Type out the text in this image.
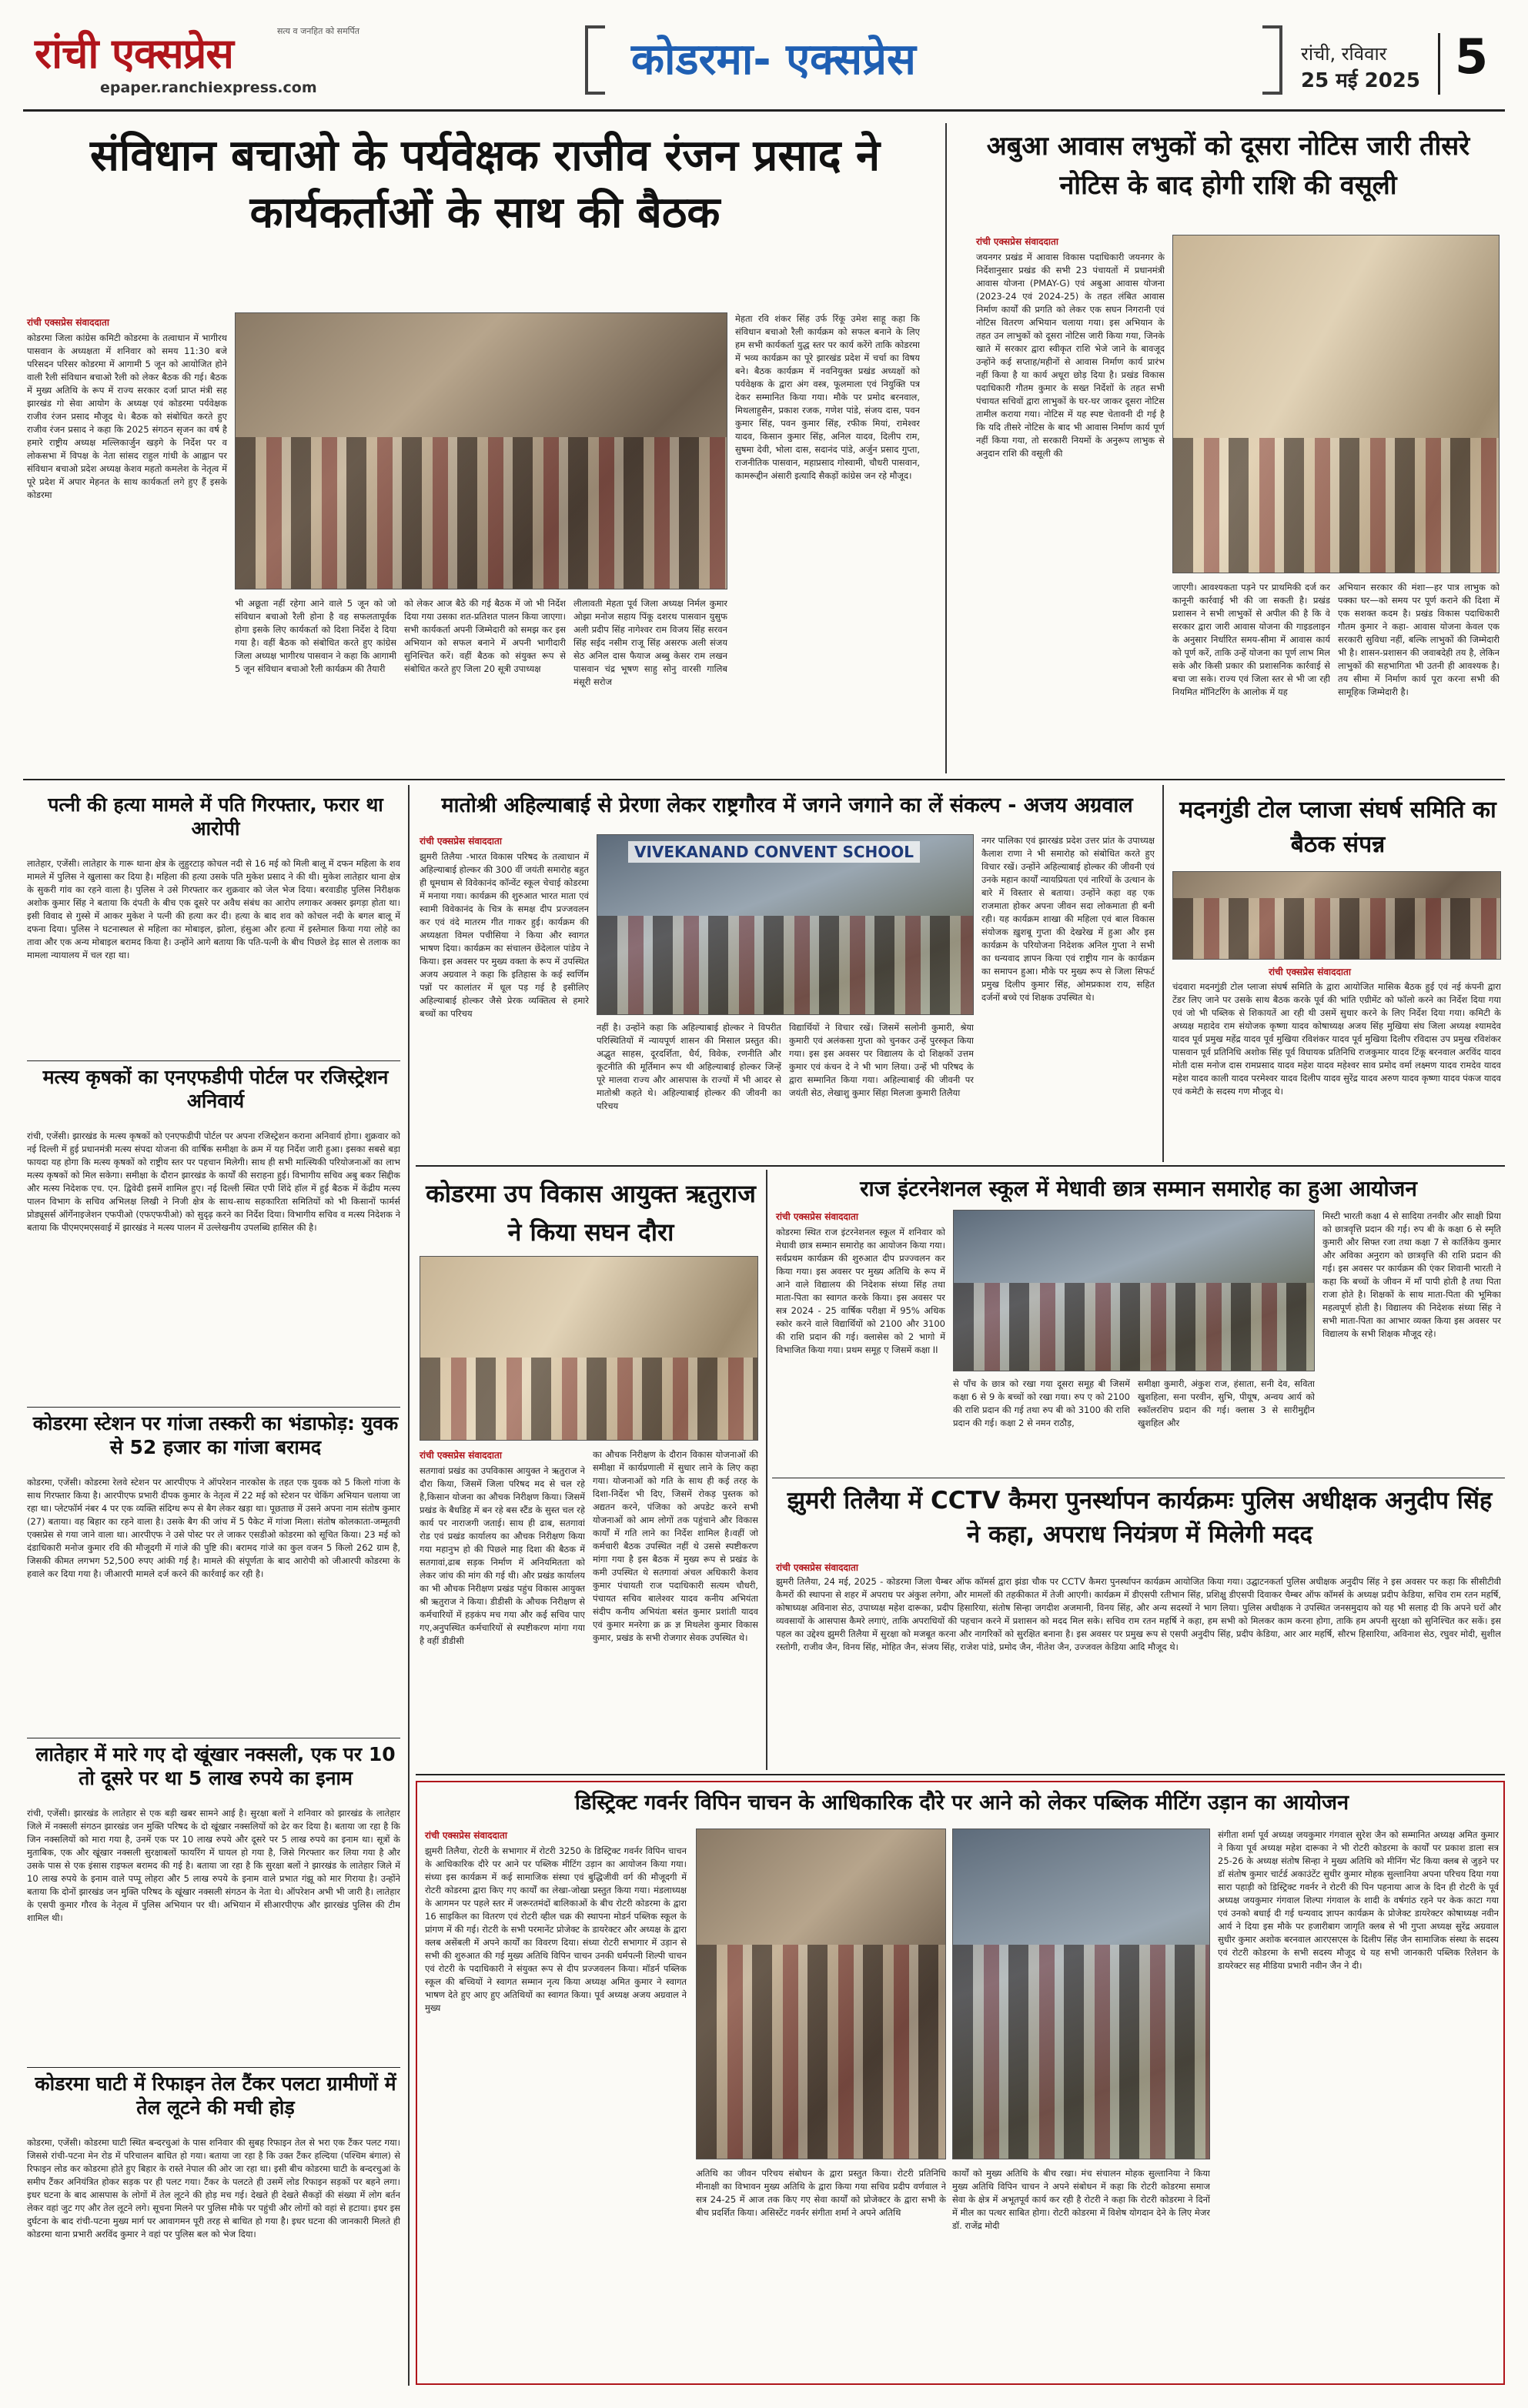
रांची एक्सप्रेस	सत्य व जनहित को समर्पित
epaper.ranchiexpress.com
कोडरमा- एक्सप्रेस	रांची, रविवार
25 मई 2025 5
संविधान बचाओ के पर्यवेक्षक राजीव रंजन प्रसाद ने कार्यकर्ताओं के साथ की बैठक
रांची एक्सप्रेस संवाददाता
कोडरमा जिला कांग्रेस कमिटी कोडरमा के तत्वाधान में भागीरथ पासवान के अध्यक्षता में शनिवार को समय 11:30 बजे परिसदन परिसर कोडरमा में आगामी 5 जून को आयोजित होने वाली रैली संविधान बचाओ रैली को लेकर बैठक की गई। बैठक में मुख्य अतिथि के रूप में राज्य सरकार दर्जा प्राप्त मंत्री सह झारखंड गो सेवा आयोग के अध्यक्ष एवं कोडरमा पर्यवेक्षक राजीव रंजन प्रसाद मौजूद थे। बैठक को संबोधित करते हुए राजीव रंजन प्रसाद ने कहा कि 2025 संगठन सृजन का वर्ष है हमारे राष्ट्रीय अध्यक्ष मल्लिकार्जुन खड़गे के निर्देश पर व लोकसभा में विपक्ष के नेता सांसद राहुल गांधी के आह्वान पर संविधान बचाओ प्रदेश अध्यक्ष केशव महतो कमलेश के नेतृत्व में पूरे प्रदेश में अपार मेहनत के साथ कार्यकर्ता लगे हुए हैं इसके कोडरमा
भी अछूता नहीं रहेगा आने वाले 5 जून को जो संविधान बचाओ रैली होना है वह सफलतापूर्वक होगा इसके लिए कार्यकर्ता को दिशा निर्देश दे दिया गया है। वहीं बैठक को संबोधित करते हुए कांग्रेस जिला अध्यक्ष भागीरथ पासवान ने कहा कि आगामी 5 जून संविधान बचाओ रैली कार्यक्रम की तैयारी
को लेकर आज बैठे की गई बैठक में जो भी निर्देश दिया गया उसका शत-प्रतिशत पालन किया जाएगा। सभी कार्यकर्ता अपनी जिम्मेदारी को समझ कर इस अभियान को सफल बनाने में अपनी भागीदारी सुनिश्चित करें। वहीं बैठक को संयुक्त रूप से संबोधित करते हुए जिला 20 सूत्री उपाध्यक्ष
लीलावती मेहता पूर्व जिला अध्यक्ष निर्मल कुमार ओझा मनोज सहाय पिंकू दशरथ पासवान युसुफ अली प्रदीप सिंह नागेश्वर राम विजय सिंह सरवन सिंह सईद नसीम राजू सिंह असरफ अली संजय सेठ अनिल दास फैयाज अब्बु केसर राम लखन पासवान चंद्र भूषण साहु सोनु वारसी गालिब मंसूरी सरोज
मेहता रवि शंकर सिंह उर्फ रिंकू उमेश साहू कहा कि संविधान बचाओ रैली कार्यक्रम को सफल बनाने के लिए हम सभी कार्यकर्ता युद्ध स्तर पर कार्य करेंगे ताकि कोडरमा में भव्य कार्यक्रम का पूरे झारखंड प्रदेश में चर्चा का विषय बने। बैठक कार्यक्रम में नवनियुक्त प्रखंड अध्यक्षों को पर्यवेक्षक के द्वारा अंग वस्त्र, फूलमाला एवं नियुक्ति पत्र देकर सम्मानित किया गया। मौके पर प्रमोद बरनवाल, मिथलाहुसैन, प्रकाश रजक, गणेश पांडे, संजय दास, पवन कुमार सिंह, पवन कुमार सिंह, रफीक मियां, रामेश्वर यादव, किसान कुमार सिंह, अनिल यादव, दिलीप राम, सुषमा देवी, भोला दास, सदानंद पांडे, अर्जुन प्रसाद गुप्ता, राजनीतिक पासवान, महाप्रसाद गोस्वामी, चौधरी पासवान, कामरूद्दीन अंसारी इत्यादि सैकड़ों कांग्रेस जन रहे मौजूद।
अबुआ आवास लभुकों को दूसरा नोटिस जारी तीसरे नोटिस के बाद होगी राशि की वसूली
रांची एक्सप्रेस संवाददाता
जयनगर प्रखंड में आवास विकास पदाधिकारी जयनगर के निर्देशानुसार प्रखंड की सभी 23 पंचायतों में प्रधानमंत्री आवास योजना (PMAY-G) एवं अबुआ आवास योजना (2023-24 एवं 2024-25) के तहत लंबित आवास निर्माण कार्यों की प्रगति को लेकर एक सघन निगरानी एवं नोटिस वितरण अभियान चलाया गया। इस अभियान के तहत उन लाभुकों को दूसरा नोटिस जारी किया गया, जिनके खाते में सरकार द्वारा स्वीकृत राशि भेजे जाने के बावजूद उन्होंने कई सप्ताह/महीनों से आवास निर्माण कार्य प्रारंभ नहीं किया है या कार्य अधूरा छोड़ दिया है। प्रखंड विकास पदाधिकारी गौतम कुमार के सख्त निर्देशों के तहत सभी पंचायत सचिवों द्वारा लाभुकों के घर-घर जाकर दूसरा नोटिस तामील कराया गया। नोटिस में यह स्पष्ट चेतावनी दी गई है कि यदि तीसरे नोटिस के बाद भी आवास निर्माण कार्य पूर्ण नहीं किया गया, तो सरकारी नियमों के अनुरूप लाभुक से अनुदान राशि की वसूली की
जाएगी। आवश्यकता पड़ने पर प्राथमिकी दर्ज कर कानूनी कार्रवाई भी की जा सकती है। प्रखंड प्रशासन ने सभी लाभुकों से अपील की है कि वे सरकार द्वारा जारी आवास योजना की गाइडलाइन के अनुसार निर्धारित समय-सीमा में आवास कार्य को पूर्ण करें, ताकि उन्हें योजना का पूर्ण लाभ मिल सके और किसी प्रकार की प्रशासनिक कार्रवाई से बचा जा सके। राज्य एवं जिला स्तर से भी जा रही नियमित मॉनिटरिंग के आलोक में यह
अभियान सरकार की मंशा—हर पात्र लाभुक को पक्का घर—को समय पर पूर्ण कराने की दिशा में एक सशक्त कदम है। प्रखंड विकास पदाधिकारी गौतम कुमार ने कहा- आवास योजना केवल एक सरकारी सुविधा नहीं, बल्कि लाभुकों की जिम्मेदारी भी है। शासन-प्रशासन की जवाबदेही तय है, लेकिन लाभुकों की सहभागिता भी उतनी ही आवश्यक है। तय सीमा में निर्माण कार्य पूरा करना सभी की सामूहिक जिम्मेदारी है।
पत्नी की हत्या मामले में पति गिरफ्तार, फरार था आरोपी
लातेहार, एजेंसी। लातेहार के गारू थाना क्षेत्र के लुहुरटाड़ कोचल नदी से 16 मई को मिली बालू में दफन महिला के शव मामले में पुलिस ने खुलासा कर दिया है। महिला की हत्या उसके पति मुकेश प्रसाद ने की थी। मुकेश लातेहार थाना क्षेत्र के सुकरी गांव का रहने वाला है। पुलिस ने उसे गिरफ्तार कर शुक्रवार को जेल भेज दिया। बरवाडीह पुलिस निरीक्षक अशोक कुमार सिंह ने बताया कि दंपती के बीच एक दूसरे पर अवैध संबंध का आरोप लगाकर अक्सर झगड़ा होता था। इसी विवाद से गुस्से में आकर मुकेश ने पत्नी की हत्या कर दी। हत्या के बाद शव को कोचल नदी के बगल बालू में दफना दिया। पुलिस ने घटनास्थल से महिला का मोबाइल, झोला, हंसुआ और हत्या में इस्तेमाल किया गया लोहे का तावा और एक अन्य मोबाइल बरामद किया है। उन्होंने आगे बताया कि पति-पत्नी के बीच पिछले डेढ़ साल से तलाक का मामला न्यायालय में चल रहा था।
मत्स्य कृषकों का एनएफडीपी पोर्टल पर रजिस्ट्रेशन अनिवार्य
रांची, एजेंसी। झारखंड के मत्स्य कृषकों को एनएफडीपी पोर्टल पर अपना रजिस्ट्रेशन कराना अनिवार्य होगा। शुक्रवार को नई दिल्ली में हुई प्रधानमंत्री मत्स्य संपदा योजना की वार्षिक समीक्षा के क्रम में यह निर्देश जारी हुआ। इसका सबसे बड़ा फायदा यह होगा कि मत्स्य कृषकों को राष्ट्रीय स्तर पर पहचान मिलेगी। साथ ही सभी मात्स्यिकी परियोजनाओं का लाभ मत्स्य कृषकों को मिल सकेगा। समीक्षा के दौरान झारखंड के कार्यों की सराहना हुई। विभागीय सचिव अबु बकर सिद्दीक और मत्स्य निदेशक एच. एन. द्विवेदी इसमें शामिल हुए। नई दिल्ली स्थित एपी शिंदे हॉल में हुई बैठक में केंद्रीय मत्स्य पालन विभाग के सचिव अभिलक्ष लिखी ने निजी क्षेत्र के साथ-साथ सहकारिता समितियों को भी किसानों फार्मर्स प्रोड्यूसर्स ऑर्गेनाइजेशन एफपीओ (एफएफपीओ) को सुदृढ़ करने का निर्देश दिया। विभागीय सचिव व मत्स्य निदेशक ने बताया कि पीएमएमएसवाई में झारखंड ने मत्स्य पालन में उल्लेखनीय उपलब्धि हासिल की है।
कोडरमा स्टेशन पर गांजा तस्करी का भंडाफोड़: युवक से 52 हजार का गांजा बरामद
कोडरमा, एजेंसी। कोडरमा रेलवे स्टेशन पर आरपीएफ ने ऑपरेशन नारकोस के तहत एक युवक को 5 किलो गांजा के साथ गिरफ्तार किया है। आरपीएफ प्रभारी दीपक कुमार के नेतृत्व में 22 मई को स्टेशन पर चेकिंग अभियान चलाया जा रहा था। प्लेटफॉर्म नंबर 4 पर एक व्यक्ति संदिग्ध रूप से बैग लेकर खड़ा था। पूछताछ में उसने अपना नाम संतोष कुमार (27) बताया। वह बिहार का रहने वाला है। उसके बैग की जांच में 5 पैकेट में गांजा मिला। संतोष कोलकाता-जम्मूतवी एक्सप्रेस से गया जाने वाला था। आरपीएफ ने उसे पोस्ट पर ले जाकर एसडीओ कोडरमा को सूचित किया। 23 मई को दंडाधिकारी मनोज कुमार रवि की मौजूदगी में गांजे की पुष्टि की। बरामद गांजे का कुल वजन 5 किलो 262 ग्राम है, जिसकी कीमत लगभग 52,500 रुपए आंकी गई है। मामले की संपूर्णता के बाद आरोपी को जीआरपी कोडरमा के हवाले कर दिया गया है। जीआरपी मामले दर्ज करने की कार्रवाई कर रही है।
लातेहार में मारे गए दो खूंखार नक्सली, एक पर 10 तो दूसरे पर था 5 लाख रुपये का इनाम
रांची, एजेंसी। झारखंड के लातेहार से एक बड़ी खबर सामने आई है। सुरक्षा बलों ने शनिवार को झारखंड के लातेहार जिले में नक्सली संगठन झारखंड जन मुक्ति परिषद के दो खूंखार नक्सलियों को ढेर कर दिया है। बताया जा रहा है कि जिन नक्सलियों को मारा गया है, उनमें एक पर 10 लाख रुपये और दूसरे पर 5 लाख रुपये का इनाम था। सूत्रों के मुताबिक, एक और खूंखार नक्सली सुरक्षाबलों फायरिंग में घायल हो गया है, जिसे गिरफ्तार कर लिया गया है और उसके पास से एक इंसास राइफल बरामद की गई है। बताया जा रहा है कि सुरक्षा बलों ने झारखंड के लातेहार जिले में 10 लाख रुपये के इनाम वाले पप्पू लोहरा और 5 लाख रुपये के इनाम वाले प्रभात गंझू को मार गिराया है। उन्होंने बताया कि दोनों झारखंड जन मुक्ति परिषद के खूंखार नक्सली संगठन के नेता थे। ऑपरेशन अभी भी जारी है। लातेहार के एसपी कुमार गौरव के नेतृत्व में पुलिस अभियान पर थी। अभियान में सीआरपीएफ और झारखंड पुलिस की टीम शामिल थी।
कोडरमा घाटी में रिफाइन तेल टैंकर पलटा ग्रामीणों में तेल लूटने की मची होड़
कोडरमा, एजेंसी। कोडरमा घाटी स्थित बन्दरचुआं के पास शनिवार की सुबह रिफाइन तेल से भरा एक टैंकर पलट गया। जिससे रांची-पटना मेन रोड में परिचालन बाधित हो गया। बताया जा रहा है कि उक्त टैंकर हल्दिया (पश्चिम बंगाल) से रिफाइन लोड कर कोडरमा होते हुए बिहार के रास्ते नेपाल की ओर जा रहा था। इसी बीच कोडरमा घाटी के बन्दरचुआं के समीप टैंकर अनियंत्रित होकर सड़क पर ही पलट गया। टैंकर के पलटते ही उसमें लोड रिफाइन सड़कों पर बहने लगा। इधर घटना के बाद आसपास के लोगों में तेल लूटने की होड़ मच गई। देखते ही देखते सैकड़ों की संख्या में लोग बर्तन लेकर वहां जुट गए और तेल लूटने लगे। सूचना मिलने पर पुलिस मौके पर पहुंची और लोगों को वहां से हटाया। इधर इस दुर्घटना के बाद रांची-पटना मुख्य मार्ग पर आवागमन पूरी तरह से बाधित हो गया है। इधर घटना की जानकारी मिलते ही कोडरमा थाना प्रभारी अरविंद कुमार ने वहां पर पुलिस बल को भेज दिया।
मातोश्री अहिल्याबाई से प्रेरणा लेकर राष्ट्रगौरव में जगने जगाने का लें संकल्प - अजय अग्रवाल
रांची एक्सप्रेस संवाददाता
झुमरी तिलैया -भारत विकास परिषद के तत्वाधान में अहिल्याबाई होल्कर की 300 वीं जयंती समारोह बहुत ही धूमधाम से विवेकानंद कॉन्वेंट स्कूल चेचाई कोडरमा में मनाया गया। कार्यक्रम की शुरुआत भारत माता एवं स्वामी विवेकानंद के चित्र के समक्ष दीप प्रज्जवलन कर एवं वंदे मातरम गीत गाकर हुई। कार्यक्रम की अध्यक्षता विमल पचीसिया ने किया और स्वागत भाषण दिया। कार्यक्रम का संचालन छेंदेलाल पांडेय ने किया। इस अवसर पर मुख्य वक्ता के रूप में उपस्थित अजय अग्रवाल ने कहा कि इतिहास के कई स्वर्णिम पन्नों पर कालांतर में धूल पड़ गई है इसीलिए अहिल्याबाई होल्कर जैसे प्रेरक व्यक्तित्व से हमारे बच्चों का परिचय
VIVEKANAND CONVENT SCHOOL
नहीं है। उन्होंने कहा कि अहिल्याबाई होल्कर ने विपरीत परिस्थितियों में न्यायपूर्ण शासन की मिसाल प्रस्तुत की। अद्भुत साहस, दूरदर्शिता, धैर्य, विवेक, रणनीति और कूटनीति की मूर्तिमान रूप थी अहिल्याबाई होल्कर जिन्हें पूरे मालवा राज्य और आसपास के राज्यों में भी आदर से मातोश्री कहते थे। अहिल्याबाई होल्कर की जीवनी का परिचय
विद्यार्थियों ने विचार रखें। जिसमें सलोनी कुमारी, श्रेया कुमारी एवं अलंकसा गुप्ता को चुनकर उन्हें पुरस्कृत किया गया। इस इस अवसर पर विद्यालय के दो शिक्षकों उत्तम कुमार एवं कंचन दे ने भी भाग लिया। उन्हें भी परिषद के द्वारा सम्मानित किया गया। अहिल्याबाई की जीवनी पर जयंती सेठ, लेखाशु कुमार सिंहा मिलजा कुमारी तिलैया
नगर पालिका एवं झारखंड प्रदेश उत्तर प्रांत के उपाध्यक्ष कैलाश राणा ने भी समारोह को संबोधित करते हुए विचार रखें। उन्होंने अहिल्याबाई होल्कर की जीवनी एवं उनके महान कार्यों न्यायप्रियता एवं नारियों के उत्थान के बारे में विस्तार से बताया। उन्होंने कहा वह एक राजमाता होकर अपना जीवन सदा लोकमाता ही बनी रही। यह कार्यक्रम शाखा की महिला एवं बाल विकास संयोजक ख़ुशबू गुप्ता की देखरेख में हुआ और इस कार्यक्रम के परियोजना निदेशक अनिल गुप्ता ने सभी का धन्यवाद ज्ञापन किया एवं राष्ट्रीय गान के कार्यक्रम का समापन हुआ। मौके पर मुख्य रूप से जिला सिफर्ट प्रमुख दिलीप कुमार सिंह, ओमप्रकाश राय, सहित दर्जनों बच्चे एवं शिक्षक उपस्थित थे।
मदनगुंडी टोल प्लाजा संघर्ष समिति का बैठक संपन्न
रांची एक्सप्रेस संवाददाता
चंदवारा मदनगुंडी टोल प्लाजा संघर्ष समिति के द्वारा आयोजित मासिक बैठक हुई एवं नई कंपनी द्वारा टेंडर लिए जाने पर उसके साथ बैठक करके पूर्व की भांति एग्रीमेंट को फॉलो करने का निर्देश दिया गया एवं जो भी पब्लिक से शिकायतें आ रही थी उसमें सुधार करने के लिए निर्देश दिया गया। कमिटी के अध्यक्ष महादेव राम संयोजक कृष्णा यादव कोषाध्यक्ष अजय सिंह मुखिया संघ जिला अध्यक्ष श्यामदेव यादव पूर्व प्रमुख महेंद्र यादव पूर्व मुखिया रविशंकर यादव पूर्व मुखिया दिलीप रविदास उप प्रमुख रविशंकर पासवान पूर्व प्रतिनिधि अशोक सिंह पूर्व विधायक प्रतिनिधि राजकुमार यादव टिंकू बरनवाल अरविंद यादव मोती दास मनोज दास रामप्रसाद यादव महेश यादव महेश्वर साव प्रमोद वर्मा लक्ष्मण यादव रामदेव यादव महेश यादव काली यादव परमेश्वर यादव दिलीप यादव सुरेंद्र यादव अरुण यादव कृष्णा यादव पंकज यादव एवं कमेटी के सदस्य गण मौजूद थे।
कोडरमा उप विकास आयुक्त ऋतुराज ने किया सघन दौरा
रांची एक्सप्रेस संवाददाता
सतगावां प्रखंड का उपविकास आयुक्त ने ऋतुराज ने दौरा किया, जिसमें जिला परिषद मद से चल रहे है,किसान योजना का औचक निरीक्षण किया। जिसमें प्रखंड के बैधडिह में बन रहे बस स्टैंड के सुस्त चल रहे कार्य पर नाराजगी जताई। साथ ही ढाब, सतगावां रोड एवं प्रखंड कार्यालय का औचक निरीक्षण किया गया महानुभ हो की पिछले माह दिशा की बैठक में सतगावां,ढाब सड़क निर्माण में अनियमितता को लेकर जांच की मांग की गई थी। और प्रखंड कार्यालय का भी औचक निरीक्षण प्रखंड पहुंच विकास आयुक्त श्री ऋतुराज ने किया। डीडीसी के औचक निरीक्षण से कर्मचारियों में हड़कंप मच गया और कई सचिव पाए गए,अनुपस्थित कर्मचारियों से स्पष्टीकरण मांगा गया है वहीं डीडीसी
का औचक निरीक्षण के दौरान विकास योजनाओं की समीक्षा में कार्यप्रणाली में सुधार लाने के लिए कहा गया। योजनाओं को गति के साथ ही कई तरह के दिशा-निर्देश भी दिए, जिसमें रोकड़ पुस्तक को अद्यतन करने, पंजिका को अपडेट करने सभी योजनाओं को आम लोगों तक पहुंचाने और विकास कार्यों में गति लाने का निर्देश शामिल है।वहीं जो कर्मचारी बैठक उपस्थित नहीं थे उससे स्पष्टीकरण मांगा गया है इस बैठक में मुख्य रूप से प्रखंड के कमी उपस्थित थे सतगावां अंचल अधिकारी केशव कुमार पंचायती राज पदाधिकारी सत्यम चौधरी, पंचायत सचिव बालेश्वर यादव कनीय अभियंता संदीप कनीय अभियंता बसंत कुमार प्रशांती यादव एवं कुमार मनरेगा क्र क्र ज्ञ मिथलेश कुमार विकास कुमार, प्रखंड के सभी रोजगार सेवक उपस्थित थे।
राज इंटरनेशनल स्कूल में मेधावी छात्र सम्मान समारोह का हुआ आयोजन
रांची एक्सप्रेस संवाददाता
कोडरमा स्थित राज इंटरनेशनल स्कूल में शनिवार को मेधावी छात्र सम्मान समारोह का आयोजन किया गया। सर्वप्रथम कार्यक्रम की शुरुआत दीप प्रज्ज्वलन कर किया गया। इस अवसर पर मुख्य अतिथि के रूप में आने वाले विद्यालय की निदेशक संध्या सिंह तथा माता-पिता का स्वागत करके किया। इस अवसर पर सत्र 2024 - 25 वार्षिक परीक्षा में 95% अधिक स्कोर करने वाले विद्यार्थियों को 2100 और 3100 की राशि प्रदान की गई। क्लासेस को 2 भागो में विभाजित किया गया। प्रथम समूह ए जिसमें कक्षा II
से पाँच के छात्र को रखा गया दूसरा समूह बी जिसमें कक्षा 6 से 9 के बच्चों को रखा गया। रुप ए को 2100 की राशि प्रदान की गई तथा रुप बी को 3100 की राशि प्रदान की गई। कक्षा 2 से नमन राठौड़,
समीक्षा कुमारी, अंकुश राज, हंसाता, सनी देव, सविता खुशहिला, सना परवीन, सुभि, पीयूष, अन्वय आर्य को स्कॉलरशिप प्रदान की गई। क्लास 3 से सारीमुद्दीन खुशहिल और
मिस्टी भारती कक्षा 4 से सादिया तनवीर और साक्षी प्रिया को छात्रवृत्ति प्रदान की गई। रुप बी के कक्षा 6 से स्मृति कुमारी और सिफ्त रजा तथा कक्षा 7 से कार्तिकेय कुमार और अविका अनुराग को छात्रवृत्ति की राशि प्रदान की गई। इस अवसर पर कार्यक्रम की एंकर शिवानी भारती ने कहा कि बच्चों के जीवन में माँ पापी होती है तथा पिता राजा होते है। शिक्षकों के साथ माता-पिता की भूमिका महत्वपूर्ण होती है। विद्यालय की निदेशक संध्या सिंह ने सभी माता-पिता का आभार व्यक्त किया इस अवसर पर विद्यालय के सभी शिक्षक मौजूद रहे।
झुमरी तिलैया में CCTV कैमरा पुनर्स्थापन कार्यक्रमः पुलिस अधीक्षक अनुदीप सिंह ने कहा, अपराध नियंत्रण में मिलेगी मदद
रांची एक्सप्रेस संवाददाता
झुमरी तिलैया, 24 मई, 2025 - कोडरमा जिला चैम्बर ऑफ कॉमर्स द्वारा झंडा चौक पर CCTV कैमरा पुनर्स्थापन कार्यक्रम आयोजित किया गया। उद्घाटनकर्ता पुलिस अधीक्षक अनुदीप सिंह ने इस अवसर पर कहा कि सीसीटीवी कैमरों की स्थापना से शहर में अपराध पर अंकुश लगेगा, और मामलों की तहकीकात में तेजी आएगी। कार्यक्रम में डीएसपी रतीभान सिंह, प्रशिक्षु डीएसपी दिवाकर चैम्बर ऑफ कॉमर्स के अध्यक्ष प्रदीप केडिया, सचिव राम रतन महर्षि, कोषाध्यक्ष अविनाश सेठ, उपाध्यक्ष महेश दारूका, प्रदीप हिसारिया, संतोष सिन्हा जगदीश अजमानी, विनय सिंह, और अन्य सदस्यों ने भाग लिया। पुलिस अधीक्षक ने उपस्थित जनसमुदाय को यह भी सलाह दी कि अपने घरों और व्यवसायों के आसपास कैमरे लगाएं, ताकि अपराधियों की पहचान करने में प्रशासन को मदद मिल सके। सचिव राम रतन महर्षि ने कहा, हम सभी को मिलकर काम करना होगा, ताकि हम अपनी सुरक्षा को सुनिश्चित कर सकें। इस पहल का उद्देश्य झुमरी तिलैया में सुरक्षा को मजबूत करना और नागरिकों को सुरक्षित बनाना है। इस अवसर पर प्रमुख रूप से एसपी अनुदीप सिंह, प्रदीप केडिया, आर आर महर्षि, सौरभ हिसारिया, अविनाश सेठ, रघुवर मोदी, सुशील रस्तोगी, राजीव जैन, विनय सिंह, मोहित जैन, संजय सिंह, राजेश पांडे, प्रमोद जैन, नीतेश जैन, उज्जवल केडिया आदि मौजूद थे।
डिस्ट्रिक्ट गवर्नर विपिन चाचन के आधिकारिक दौरे पर आने को लेकर पब्लिक मीटिंग उड़ान का आयोजन
रांची एक्सप्रेस संवाददाता
झुमरी तिलैया, रोटरी के सभागार में रोटरी 3250 के डिस्ट्रिक्ट गवर्नर विपिन चाचन के आधिकारिक दौरे पर आने पर पब्लिक मीटिंग उड़ान का आयोजन किया गया। संध्या इस कार्यक्रम में कई सामाजिक संस्था एवं बुद्धिजीवी वर्ग की मौजूदगी में रोटरी कोडरमा द्वारा किए गए कार्यों का लेखा-जोखा प्रस्तुत किया गया। मंडलाध्यक्ष के आगमन पर पहले स्तर में जरूरतमंदों बालिकाओं के बीच रोटरी कोडरमा के द्वारा 16 साइकिल का वितरण एवं रोटरी व्हील चक्र की स्थापना मोडर्न पब्लिक स्कूल के प्रांगण में की गई। रोटरी के सभी परमानेंट प्रोजेक्ट के डायरेक्टर और अध्यक्ष के द्वारा क्लब असेंबली में अपने कार्यों का विवरण दिया। संध्या रोटरी सभागार में उड़ान से सभी की शुरुआत की गई मुख्य अतिथि विपिन चाचन उनकी धर्मपत्नी शिल्पी चाचन एवं रोटरी के पदाधिकारी ने संयुक्त रूप से दीप प्रज्जवलन किया। मॉडर्न पब्लिक स्कूल की बच्चियों ने स्वागत सम्मान नृत्य किया अध्यक्ष अमित कुमार ने स्वागत भाषण देते हुए आए हुए अतिथियों का स्वागत किया। पूर्व अध्यक्ष अजय अग्रवाल ने मुख्य
अतिथि का जीवन परिचय संबोधन के द्वारा प्रस्तुत किया। रोटरी प्रतिनिधि मीनाक्षी का विभावन मुख्य अतिथि के द्वारा किया गया सचिव प्रदीप वर्णवाल ने सत्र 24-25 में आज तक किए गए सेवा कार्यों को प्रोजेक्टर के द्वारा सभी के बीच प्रदर्शित किया। असिस्टेंट गवर्नर संगीता शर्मा ने अपने अतिथि
कार्यों को मुख्य अतिथि के बीच रखा। मंच संचालन मोहक सुल्तानिया ने किया मुख्य अतिथि विपिन चाचन ने अपने संबोधन में कहा कि रोटरी कोडरमा समाज सेवा के क्षेत्र में अभूतपूर्व कार्य कर रही है रोटरी ने कहा कि रोटरी कोडरमा ने दिनों में मील का पत्थर साबित होगा। रोटरी कोडरमा में विशेष योगदान देने के लिए मेजर डॉ. राजेंद्र मोदी
संगीता शर्मा पूर्व अध्यक्ष जयकुमार गंगवाल सुरेश जैन को सम्मानित अध्यक्ष अमित कुमार ने किया पूर्व अध्यक्ष महेश दारूका ने भी रोटरी कोडरमा के कार्यों पर प्रकाश डाला सत्र 25-26 के अध्यक्ष संतोष सिन्हा ने मुख्य अतिथि को मीनिंग भेंट किया क्लब से जुड़ने पर डॉ संतोष कुमार चार्टर्ड अकाउंटेंट सुधीर कुमार मोहक सुल्तानिया अपना परिचय दिया गया सारा पहाड़ी को डिस्ट्रिक्ट गवर्नर ने रोटरी की पिन पहनाया आज के दिन ही रोटरी के पूर्व अध्यक्ष जयकुमार गंगवाल शिल्पा गंगवाल के शादी के वर्षगांठ रहने पर केक काटा गया एवं उनको बधाई दी गई धन्यवाद ज्ञापन कार्यक्रम के प्रोजेक्ट डायरेक्टर कोषाध्यक्ष नवीन आर्य ने दिया इस मौके पर हजारीबाग जागृति क्लब से भी गुप्ता अध्यक्ष सुरेंद्र अग्रवाल सुधीर कुमार अशोक बरनवाल आरएसएस के दिलीप सिंह जैन सामाजिक संस्था के सदस्य एवं रोटरी कोडरमा के सभी सदस्य मौजूद थे यह सभी जानकारी पब्लिक रिलेशन के डायरेक्टर सह मीडिया प्रभारी नवीन जैन ने दी।
